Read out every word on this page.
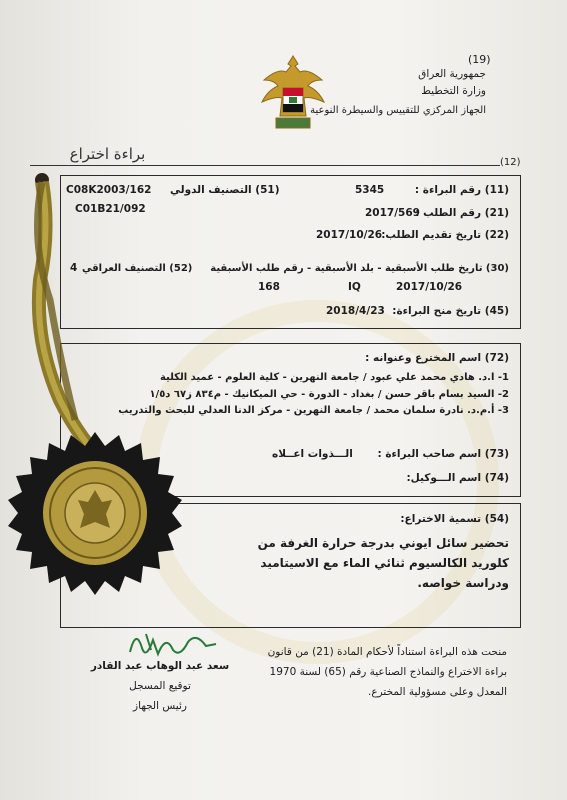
(19)
جمهورية العراق
وزارة التخطيط
الجهاز المركزي للتقييس والسيطرة النوعية
براءة اختراع	(12)
(11) رقم البراءة :
5345
(51) التصنيف الدولي
C08K2003/162
C01B21/092	(21) رقم الطلب :
2017/569
(22) تاريخ تقديم الطلب:
2017/10/26
(30) تاريخ طلب الأسبقية - بلد الأسبقية - رقم طلب الأسبقية
(52) التصنيف العراقي
4
2017/10/26
IQ
168
(45) تاريخ منح البراءة:
2018/4/23
(72) اسم المخترع وعنوانه :
1- ا.د. هادي محمد علي عبود / جامعة النهرين - كلية العلوم - عميد الكلية
2- السيد بسام باقر حسن / بغداد - الدورة - حي الميكانيك - م٨٣٤ ز٦٧ د١/٥
3- أ.م.د. نادرة سلمان محمد / جامعة النهرين - مركز الدنا العدلي للبحث والتدريب
(73) اسم صاحب البراءة :
الـــذوات اعــلاه
(74) اسم الـــوكيل:
(54) تسمية الاختراع:
تحضير سائل ايوني بدرجة حرارة الغرفة من
كلوريد الكالسيوم ثنائي الماء مع الاسيتاميد
ودراسة خواصه.
منحت هذه البراءة استناداً لأحكام المادة (21) من قانون
براءة الاختراع والنماذج الصناعية رقم (65) لسنة 1970
المعدل وعلى مسؤولية المخترع.
سعد عبد الوهاب عبد القادر
توقيع المسجل
رئيس الجهاز
